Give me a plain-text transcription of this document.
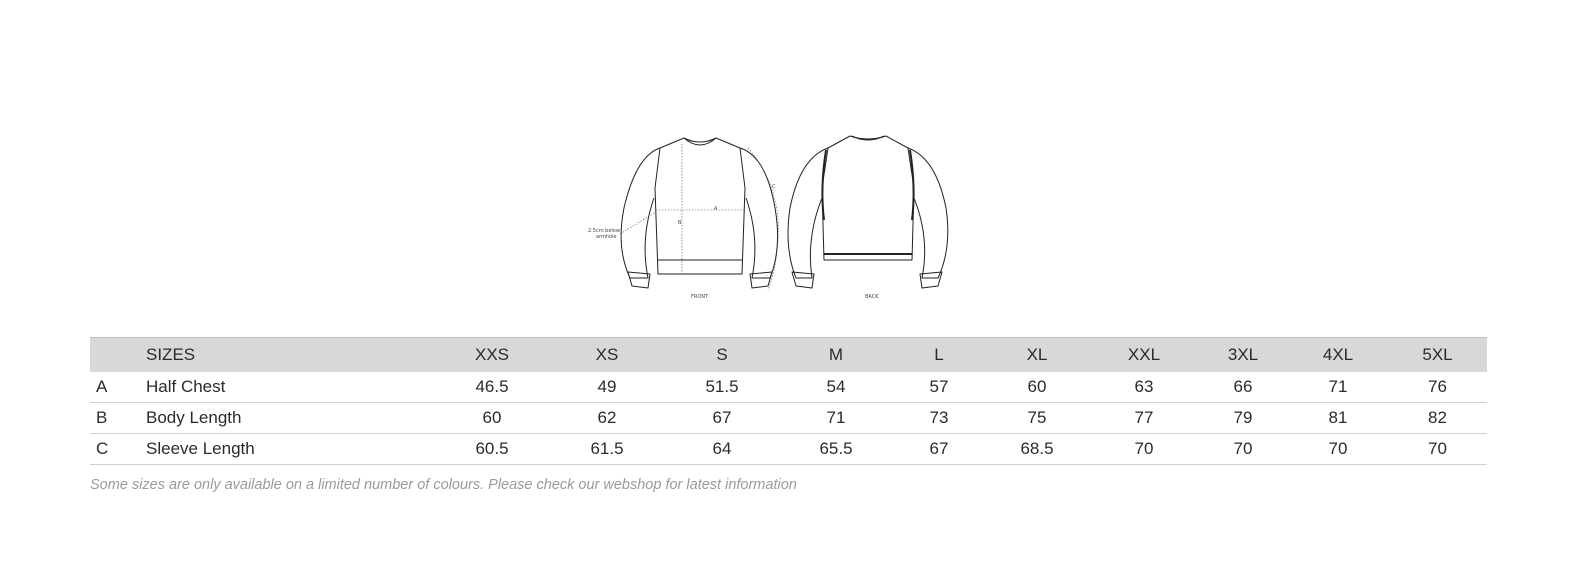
A
B
C
2.5cm below
armhole
FRONT	BACK
	SIZES	XXS	XS	S	M	L	XL	XXL	3XL	4XL	5XL
A	Half Chest	46.5	49	51.5	54	57	60	63	66	71	76
B	Body Length	60	62	67	71	73	75	77	79	81	82
C	Sleeve Length	60.5	61.5	64	65.5	67	68.5	70	70	70	70
Some sizes are only available on a limited number of colours. Please check our webshop for latest information
